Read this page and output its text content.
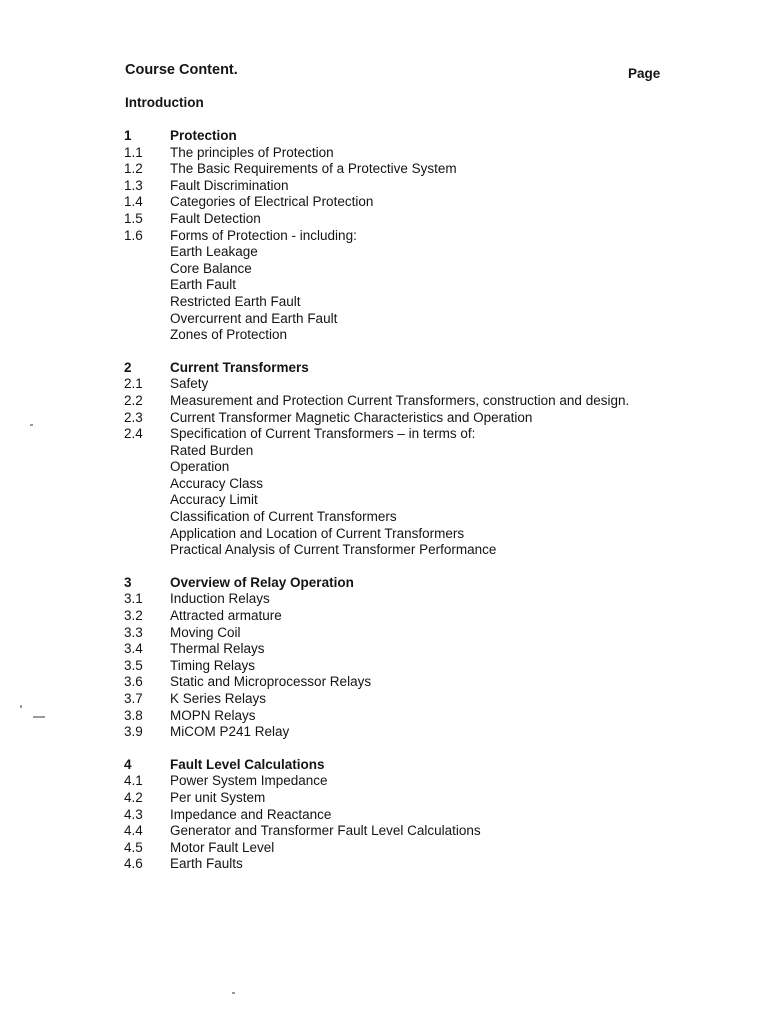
Course Content.	Page
Introduction
1	Protection
1.1	The principles of Protection
1.2	The Basic Requirements of a Protective System
1.3	Fault Discrimination
1.4	Categories of Electrical Protection
1.5	Fault Detection
1.6	Forms of Protection - including:
Earth Leakage
Core Balance
Earth Fault
Restricted Earth Fault
Overcurrent and Earth Fault
Zones of Protection
2	Current Transformers
2.1	Safety
2.2	Measurement and Protection Current Transformers, construction and design.
2.3	Current Transformer Magnetic Characteristics and Operation
2.4	Specification of Current Transformers – in terms of:
Rated Burden
Operation
Accuracy Class
Accuracy Limit
Classification of Current Transformers
Application and Location of Current Transformers
Practical Analysis of Current Transformer Performance
3	Overview of Relay Operation
3.1	Induction Relays
3.2	Attracted armature
3.3	Moving Coil
3.4	Thermal Relays
3.5	Timing Relays
3.6	Static and Microprocessor Relays
3.7	K Series Relays
3.8	MOPN Relays
3.9	MiCOM P241 Relay
4	Fault Level Calculations
4.1	Power System Impedance
4.2	Per unit System
4.3	Impedance and Reactance
4.4	Generator and Transformer Fault Level Calculations
4.5	Motor Fault Level
4.6	Earth Faults
